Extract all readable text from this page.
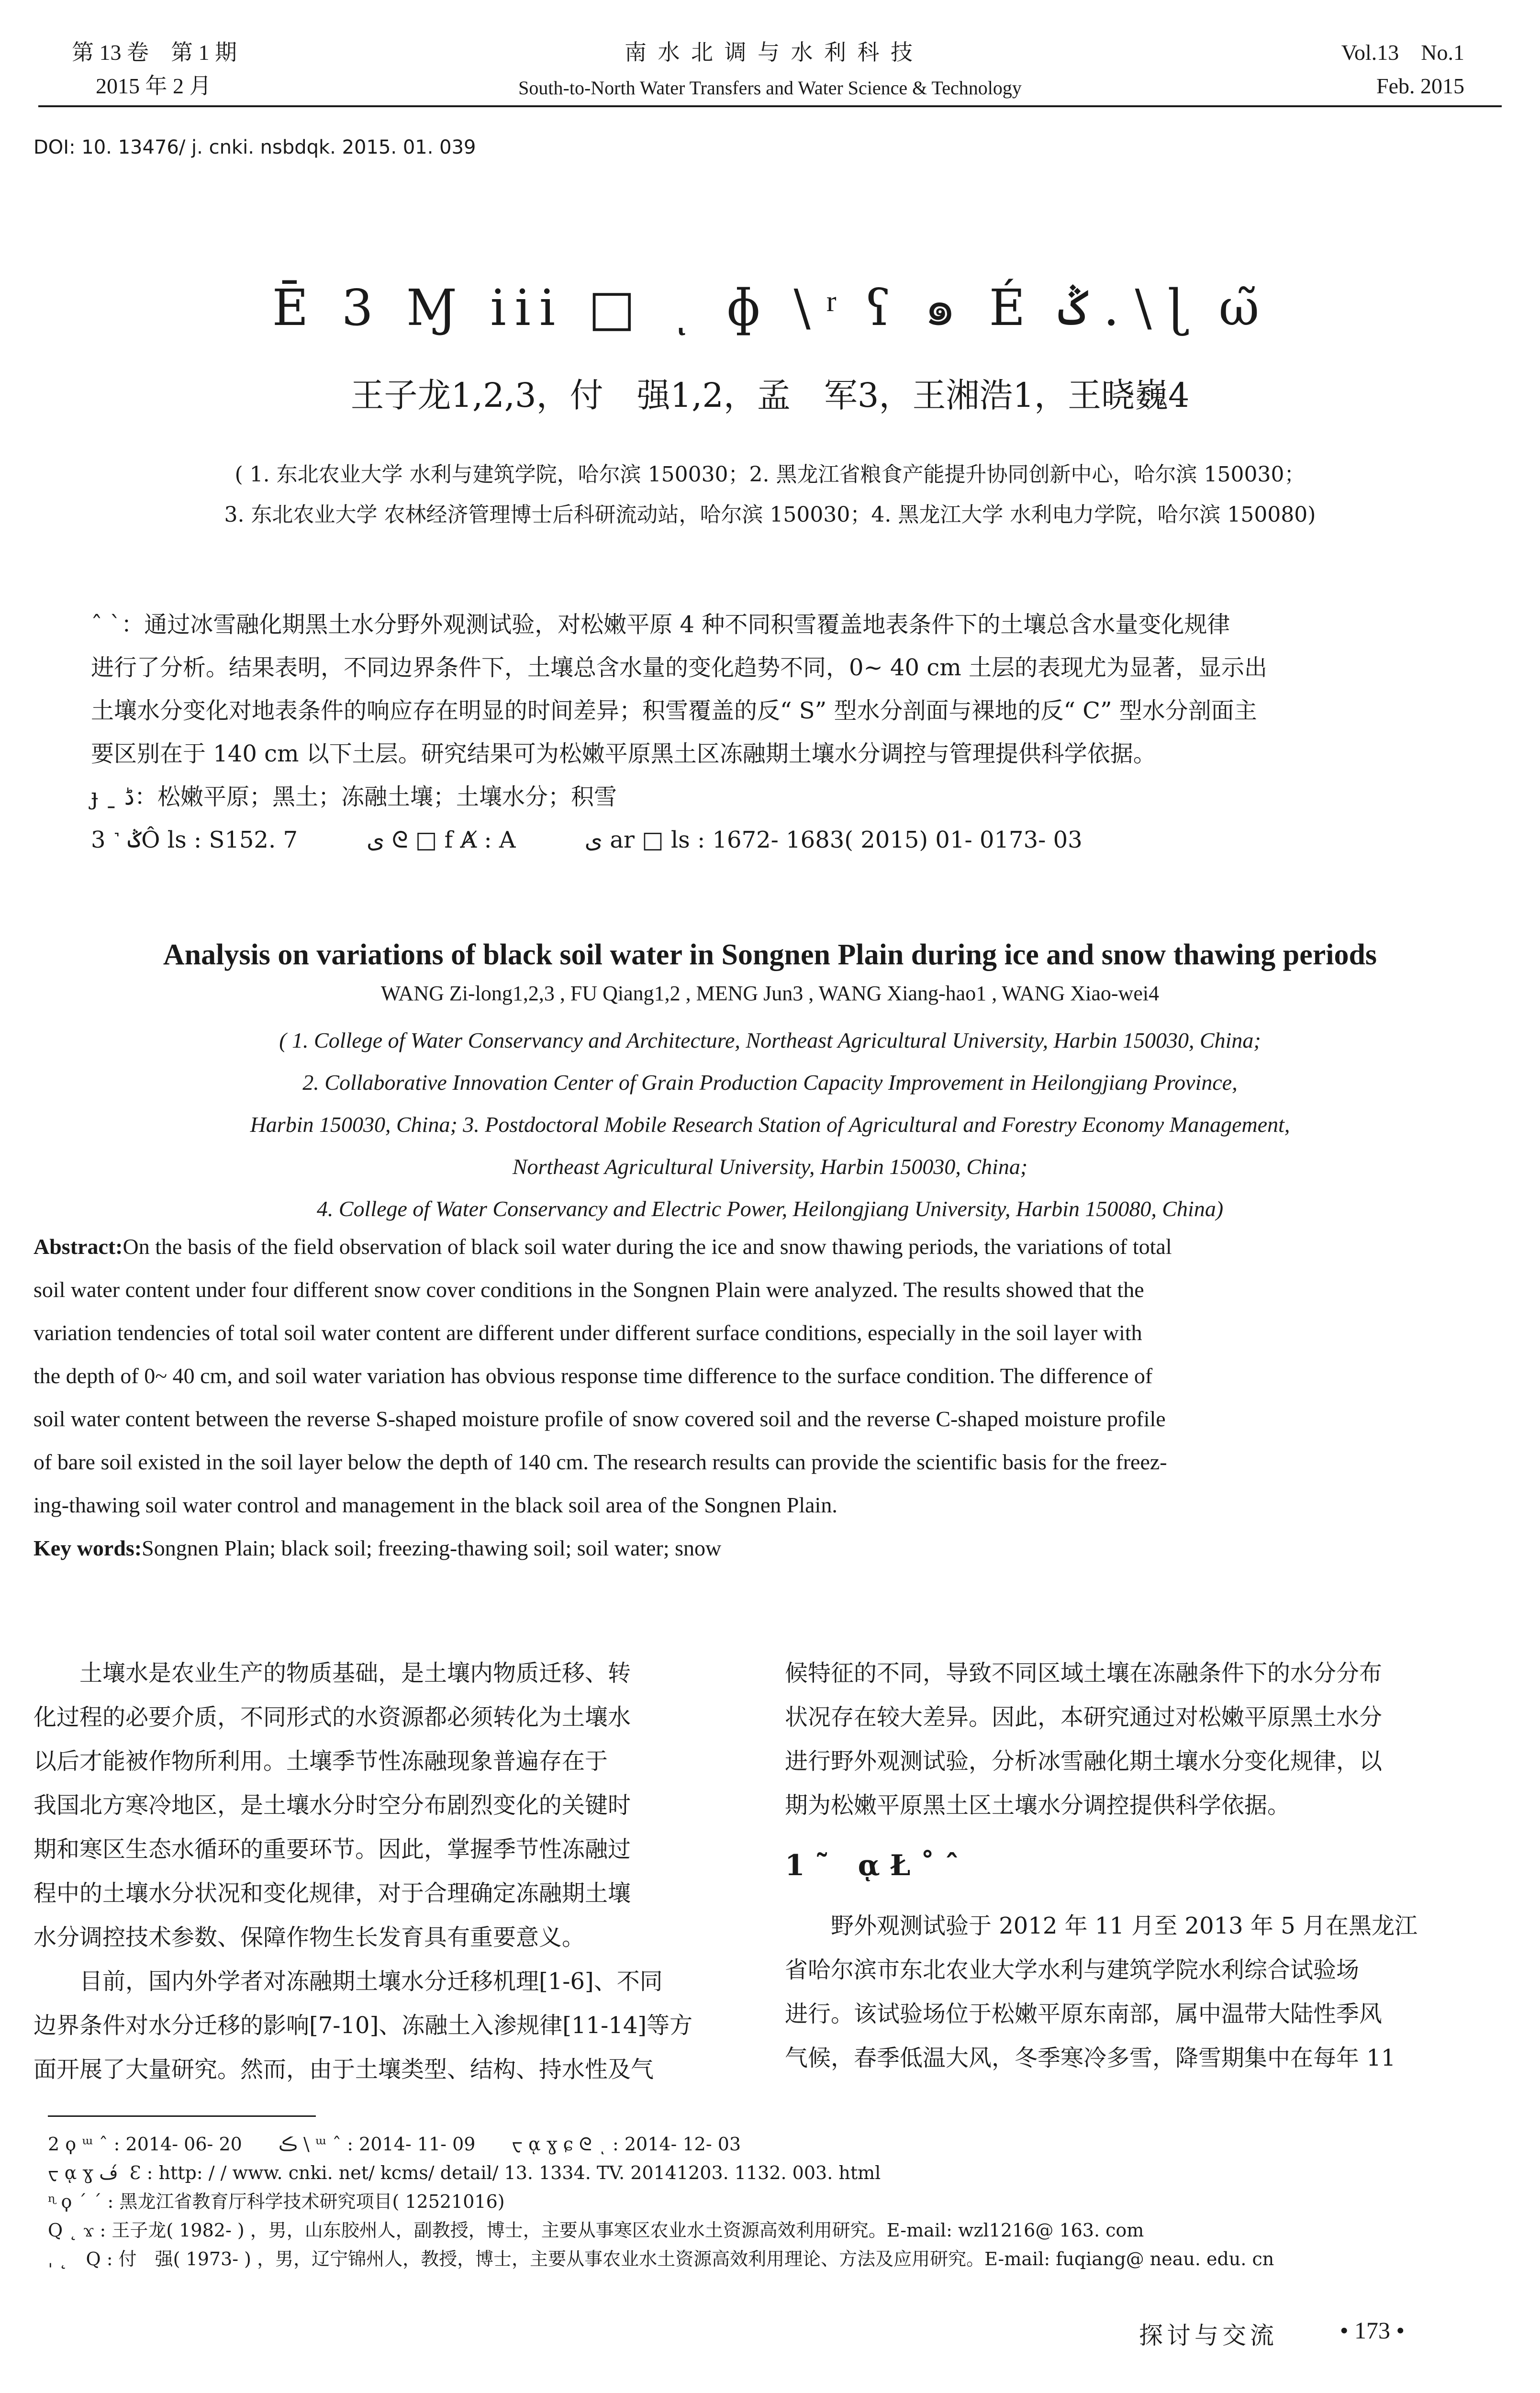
第 13 卷　第 1 期
2015 年 2 月
南 水 北 调 与 水 利 科 技
South-to-North Water Transfers and Water Science & Technology
Vol.13　No.1
Feb. 2015
DOI: 10. 13476/ j. cnki. nsbdqk. 2015. 01. 039
Ē 3 Ɱ iii □ ͺ ɸ \ ͬ ʕ ๑ É ݣ . \ ɭ ω̃
王子龙1,2,3，付　强1,2，孟　军3，王湘浩1，王晓巍4
( 1. 东北农业大学 水利与建筑学院，哈尔滨 150030；2. 黑龙江省粮食产能提升协同创新中心，哈尔滨 150030；
3. 东北农业大学 农林经济管理博士后科研流动站，哈尔滨 150030；4. 黑龙江大学 水利电力学院，哈尔滨 150080)
ˆ ˋ：通过冰雪融化期黑土水分野外观测试验，对松嫩平原 4 种不同积雪覆盖地表条件下的土壤总含水量变化规律
进行了分析。结果表明，不同边界条件下，土壤总含水量的变化趋势不同，0~ 40 cm 土层的表现尤为显著，显示出
土壤水分变化对地表条件的响应存在明显的时间差异；积雪覆盖的反“ S” 型水分剖面与裸地的反“ C” 型水分剖面主
要区别在于 140 cm 以下土层。研究结果可为松嫩平原黑土区冻融期土壤水分调控与管理提供科学依据。
ɟ ˍ ڈ：松嫩平原；黑土；冻融土壤；土壤水分；积雪
3 ˺ ݣÔ ls : S152. 7　　　ى ᘓ □ f Ⱥ : A　　　ى ar □ ls : 1672- 1683( 2015) 01- 0173- 03
Analysis on variations of black soil water in Songnen Plain during ice and snow thawing periods
WANG Zi-long1,2,3 , FU Qiang1,2 , MENG Jun3 , WANG Xiang-hao1 , WANG Xiao-wei4
( 1. College of Water Conservancy and Architecture, Northeast Agricultural University, Harbin 150030, China;
2. Collaborative Innovation Center of Grain Production Capacity Improvement in Heilongjiang Province,
Harbin 150030, China; 3. Postdoctoral Mobile Research Station of Agricultural and Forestry Economy Management,
Northeast Agricultural University, Harbin 150030, China;
4. College of Water Conservancy and Electric Power, Heilongjiang University, Harbin 150080, China)
Abstract:On the basis of the field observation of black soil water during the ice and snow thawing periods, the variations of total
soil water content under four different snow cover conditions in the Songnen Plain were analyzed. The results showed that the
variation tendencies of total soil water content are different under different surface conditions, especially in the soil layer with
the depth of 0~ 40 cm, and soil water variation has obvious response time difference to the surface condition. The difference of
soil water content between the reverse S-shaped moisture profile of snow covered soil and the reverse C-shaped moisture profile
of bare soil existed in the soil layer below the depth of 140 cm. The research results can provide the scientific basis for the freez-
ing-thawing soil water control and management in the black soil area of the Songnen Plain.
Key words:Songnen Plain; black soil; freezing-thawing soil; soil water; snow
　　土壤水是农业生产的物质基础，是土壤内物质迁移、转
化过程的必要介质，不同形式的水资源都必须转化为土壤水
以后才能被作物所利用。土壤季节性冻融现象普遍存在于
我国北方寒冷地区，是土壤水分时空分布剧烈变化的关键时
期和寒区生态水循环的重要环节。因此，掌握季节性冻融过
程中的土壤水分状况和变化规律，对于合理确定冻融期土壤
水分调控技术参数、保障作物生长发育具有重要意义。
　　目前，国内外学者对冻融期土壤水分迁移机理[1-6]、不同
边界条件对水分迁移的影响[7-10]、冻融土入渗规律[11-14]等方
面开展了大量研究。然而，由于土壤类型、结构、持水性及气
候特征的不同，导致不同区域土壤在冻融条件下的水分分布
状况存在较大差异。因此，本研究通过对松嫩平原黑土水分
进行野外观测试验，分析冰雪融化期土壤水分变化规律，以
期为松嫩平原黑土区土壤水分调控提供科学依据。
1 ˜　ᾳ Ł ˚ ˆ
　　野外观测试验于 2012 年 11 月至 2013 年 5 月在黑龙江
省哈尔滨市东北农业大学水利与建筑学院水利综合试验场
进行。该试验场位于松嫩平原东南部，属中温带大陆性季风
气候，春季低温大风，冬季寒冷多雪，降雪期集中在每年 11
2 ϙ ᵚ ˆ : 2014- 06- 20　　ڪ \ ᵚ ˆ : 2014- 11- 09　　ᠸ ᾳ ɣ ɕ ᘓ ͺ : 2014- 12- 03
ᠸ ᾳ ɣ ف ́ Ɛ : http: / / www. cnki. net/ kcms/ detail/ 13. 1334. TV. 20141203. 1132. 003. html
ᶯ ϙ ˊ ˊ : 黑龙江省教育厅科学技术研究项目( 12521016)
Q ˛ ϫ : 王子龙( 1982- ) ，男，山东胶州人，副教授，博士，主要从事寒区农业水土资源高效利用研究。E-mail: wzl1216@ 163. com
ˌ ˛　Q : 付　强( 1973- ) ，男，辽宁锦州人，教授，博士，主要从事农业水土资源高效利用理论、方法及应用研究。E-mail: fuqiang@ neau. edu. cn
探讨与交流	• 173 •
